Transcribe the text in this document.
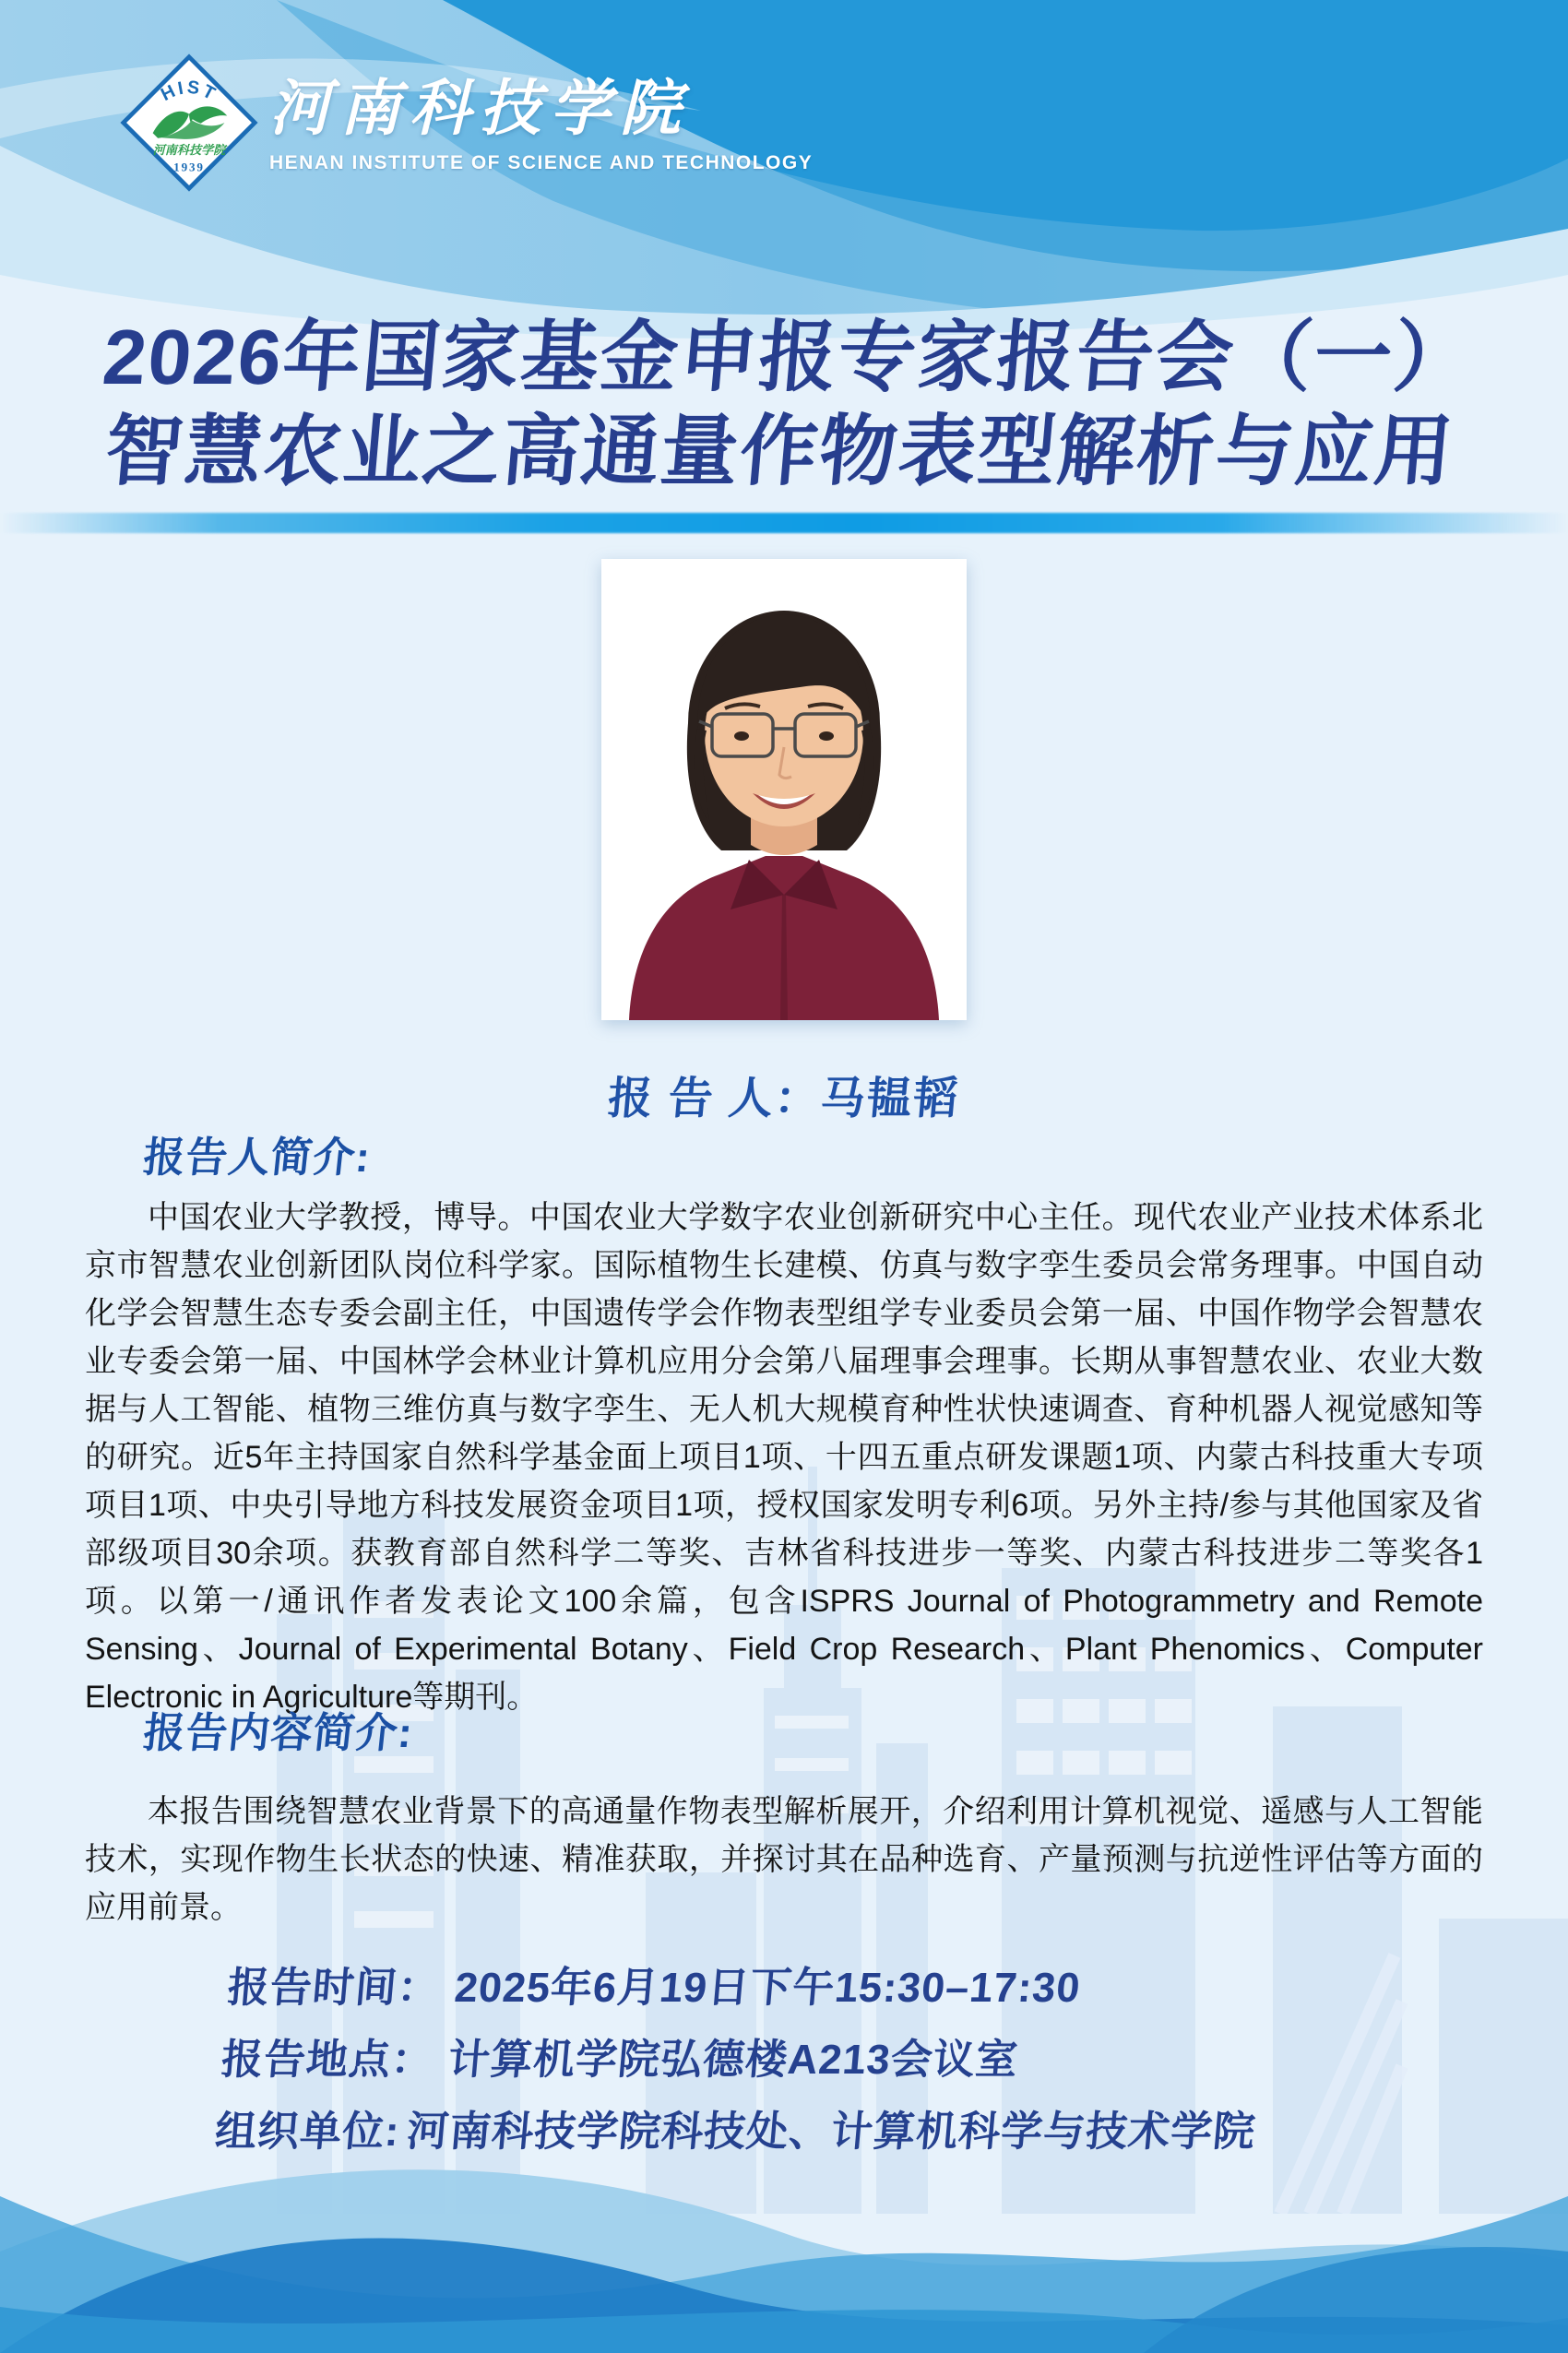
HIST
河南科技学院
1939
河南科技学院
HENAN INSTITUTE OF SCIENCE AND TECHNOLOGY
2026年国家基金申报专家报告会（一）
智慧农业之高通量作物表型解析与应用
报 告 人：马韫韬
报告人简介:

中国农业大学教授，博导。中国农业大学数字农业创新研究中心主任。现代农业产业技术体系北京市智慧农业创新团队岗位科学家。国际植物生长建模、仿真与数字孪生委员会常务理事。中国自动化学会智慧生态专委会副主任，中国遗传学会作物表型组学专业委员会第一届、中国作物学会智慧农业专委会第一届、中国林学会林业计算机应用分会第八届理事会理事。长期从事智慧农业、农业大数据与人工智能、植物三维仿真与数字孪生、无人机大规模育种性状快速调查、育种机器人视觉感知等的研究。近5年主持国家自然科学基金面上项目1项、十四五重点研发课题1项、内蒙古科技重大专项项目1项、中央引导地方科技发展资金项目1项，授权国家发明专利6项。另外主持/参与其他国家及省部级项目30余项。获教育部自然科学二等奖、吉林省科技进步一等奖、内蒙古科技进步二等奖各1项。以第一/通讯作者发表论文100余篇，包含ISPRS Journal of Photogrammetry and Remote Sensing、Journal of Experimental Botany、Field Crop Research、Plant Phenomics、Computer Electronic in Agriculture等期刊。

报告内容简介:

本报告围绕智慧农业背景下的高通量作物表型解析展开，介绍利用计算机视觉、遥感与人工智能技术，实现作物生长状态的快速、精准获取，并探讨其在品种选育、产量预测与抗逆性评估等方面的应用前景。

报告时间： 2025年6月19日下午15:30–17:30
报告地点： 计算机学院弘德楼A213会议室
组织单位:河南科技学院科技处、计算机科学与技术学院
